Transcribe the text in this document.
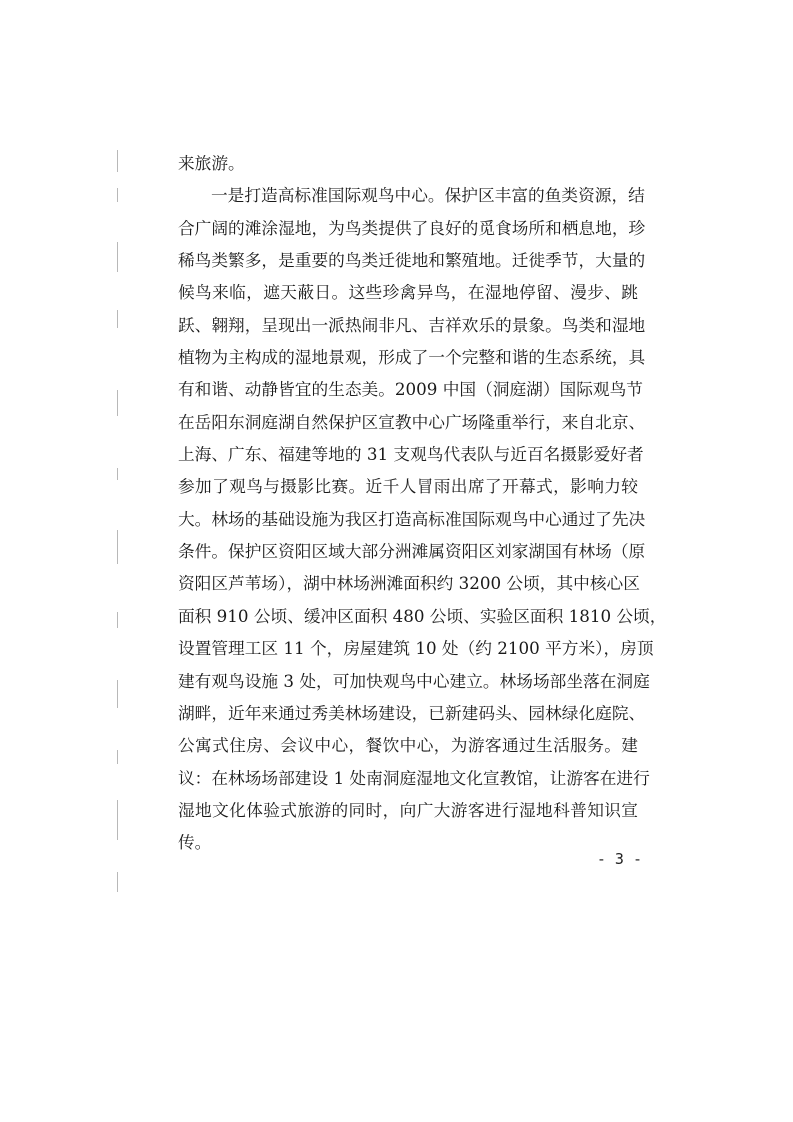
来旅游。
一是打造高标准国际观鸟中心。保护区丰富的鱼类资源，结
合广阔的滩涂湿地，为鸟类提供了良好的觅食场所和栖息地，珍
稀鸟类繁多，是重要的鸟类迁徙地和繁殖地。迁徙季节，大量的
候鸟来临，遮天蔽日。这些珍禽异鸟，在湿地停留、漫步、跳
跃、翱翔，呈现出一派热闹非凡、吉祥欢乐的景象。鸟类和湿地
植物为主构成的湿地景观，形成了一个完整和谐的生态系统，具
有和谐、动静皆宜的生态美。2009 中国（洞庭湖）国际观鸟节
在岳阳东洞庭湖自然保护区宣教中心广场隆重举行，来自北京、
上海、广东、福建等地的 31 支观鸟代表队与近百名摄影爱好者
参加了观鸟与摄影比赛。近千人冒雨出席了开幕式，影响力较
大。林场的基础设施为我区打造高标准国际观鸟中心通过了先决
条件。保护区资阳区域大部分洲滩属资阳区刘家湖国有林场（原
资阳区芦苇场），湖中林场洲滩面积约 3200 公顷，其中核心区
面积 910 公顷、缓冲区面积 480 公顷、实验区面积 1810 公顷，
设置管理工区 11 个，房屋建筑 10 处（约 2100 平方米），房顶
建有观鸟设施 3 处，可加快观鸟中心建立。林场场部坐落在洞庭
湖畔，近年来通过秀美林场建设，已新建码头、园林绿化庭院、
公寓式住房、会议中心，餐饮中心，为游客通过生活服务。建
议：在林场场部建设 1 处南洞庭湿地文化宣教馆，让游客在进行
湿地文化体验式旅游的同时，向广大游客进行湿地科普知识宣
传。
- 3 -
